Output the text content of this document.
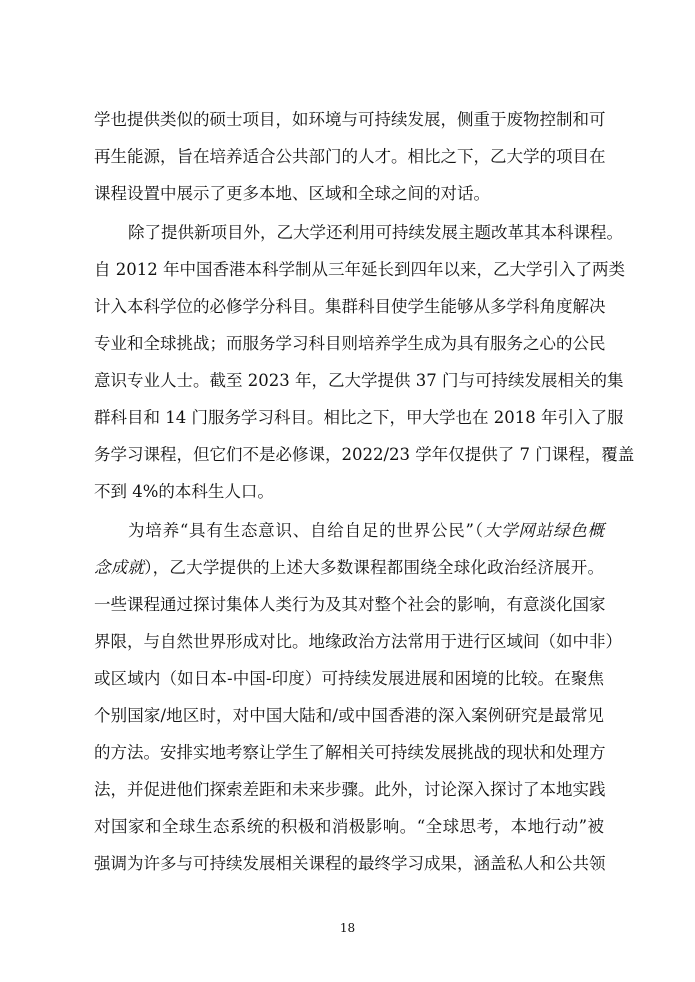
学也提供类似的硕士项目，如环境与可持续发展，侧重于废物控制和可
再生能源，旨在培养适合公共部门的人才。相比之下，乙大学的项目在
课程设置中展示了更多本地、区域和全球之间的对话。
除了提供新项目外，乙大学还利用可持续发展主题改革其本科课程。
自 2012 年中国香港本科学制从三年延长到四年以来，乙大学引入了两类
计入本科学位的必修学分科目。集群科目使学生能够从多学科角度解决
专业和全球挑战；而服务学习科目则培养学生成为具有服务之心的公民
意识专业人士。截至 2023 年，乙大学提供 37 门与可持续发展相关的集
群科目和 14 门服务学习科目。相比之下，甲大学也在 2018 年引入了服
务学习课程，但它们不是必修课，2022/23 学年仅提供了 7 门课程，覆盖
不到 4%的本科生人口。
为培养“具有生态意识、自给自足的世界公民”（大学网站绿色概
念成就），乙大学提供的上述大多数课程都围绕全球化政治经济展开。
一些课程通过探讨集体人类行为及其对整个社会的影响，有意淡化国家
界限，与自然世界形成对比。地缘政治方法常用于进行区域间（如中非）
或区域内（如日本-中国-印度）可持续发展进展和困境的比较。在聚焦
个别国家/地区时，对中国大陆和/或中国香港的深入案例研究是最常见
的方法。安排实地考察让学生了解相关可持续发展挑战的现状和处理方
法，并促进他们探索差距和未来步骤。此外，讨论深入探讨了本地实践
对国家和全球生态系统的积极和消极影响。“全球思考，本地行动”被
强调为许多与可持续发展相关课程的最终学习成果，涵盖私人和公共领
18
